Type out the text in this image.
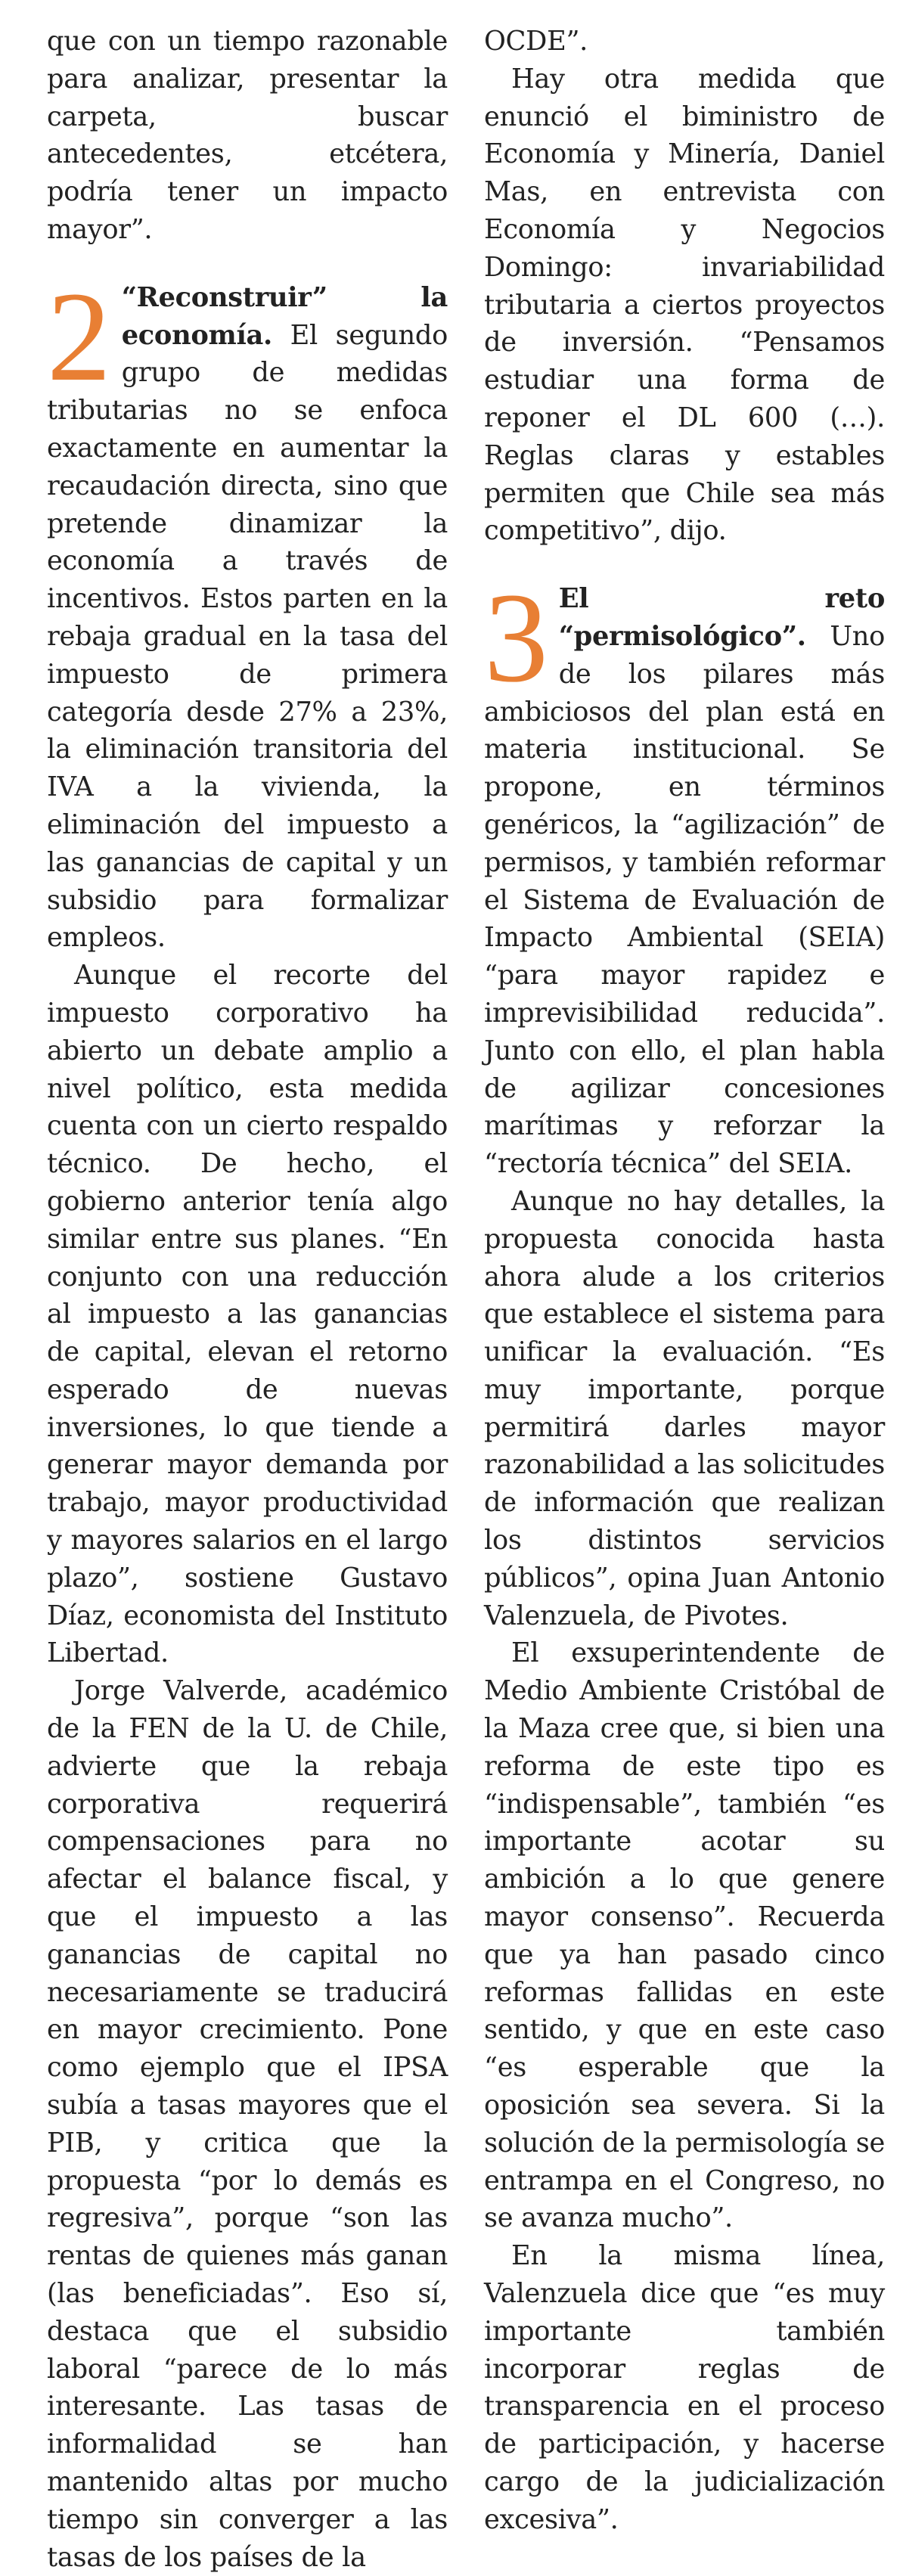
que con un tiempo razonable para analizar, presentar la carpeta, buscar antecedentes, etcétera, podría tener un impacto mayor”.

2 “Reconstruir” la economía. El segundo grupo de medidas tributarias no se enfoca exactamente en aumentar la recaudación directa, sino que pretende dinamizar la economía a través de incentivos. Estos parten en la rebaja gradual en la tasa del impuesto de primera categoría desde 27% a 23%, la eliminación transitoria del IVA a la vivienda, la eliminación del impuesto a las ganancias de capital y un subsidio para formalizar empleos.

Aunque el recorte del impuesto corporativo ha abierto un debate amplio a nivel político, esta medida cuenta con un cierto respaldo técnico. De hecho, el gobierno anterior tenía algo similar entre sus planes. “En conjunto con una reducción al impuesto a las ganancias de capital, elevan el retorno esperado de nuevas inversiones, lo que tiende a generar mayor demanda por trabajo, mayor productividad y mayores salarios en el largo plazo”, sostiene Gustavo Díaz, economista del Instituto Libertad.

Jorge Valverde, académico de la FEN de la U. de Chile, advierte que la rebaja corporativa requerirá compensaciones para no afectar el balance fiscal, y que el impuesto a las ganancias de capital no necesariamente se traducirá en mayor crecimiento. Pone como ejemplo que el IPSA subía a tasas mayores que el PIB, y critica que la propuesta “por lo demás es regresiva”, porque “son las rentas de quienes más ganan (las beneficiadas”. Eso sí, destaca que el subsidio laboral “parece de lo más interesante. Las tasas de informalidad se han mantenido altas por mucho tiempo sin converger a las tasas de los países de la

OCDE”.

Hay otra medida que enunció el biministro de Economía y Minería, Daniel Mas, en entrevista con Economía y Negocios Domingo: invariabilidad tributaria a ciertos proyectos de inversión. “Pensamos estudiar una forma de reponer el DL 600 (…). Reglas claras y estables permiten que Chile sea más competitivo”, dijo.

3 El reto “permisológico”. Uno de los pilares más ambiciosos del plan está en materia institucional. Se propone, en términos genéricos, la “agilización” de permisos, y también reformar el Sistema de Evaluación de Impacto Ambiental (SEIA) “para mayor rapidez e imprevisibilidad reducida”. Junto con ello, el plan habla de agilizar concesiones marítimas y reforzar la “rectoría técnica” del SEIA.

Aunque no hay detalles, la propuesta conocida hasta ahora alude a los criterios que establece el sistema para unificar la evaluación. “Es muy importante, porque permitirá darles mayor razonabilidad a las solicitudes de información que realizan los distintos servicios públicos”, opina Juan Antonio Valenzuela, de Pivotes.

El exsuperintendente de Medio Ambiente Cristóbal de la Maza cree que, si bien una reforma de este tipo es “indispensable”, también “es importante acotar su ambición a lo que genere mayor consenso”. Recuerda que ya han pasado cinco reformas fallidas en este sentido, y que en este caso “es esperable que la oposición sea severa. Si la solución de la permisología se entrampa en el Congreso, no se avanza mucho”.

En la misma línea, Valenzuela dice que “es muy importante también incorporar reglas de transparencia en el proceso de participación, y hacerse cargo de la judicialización excesiva”.
